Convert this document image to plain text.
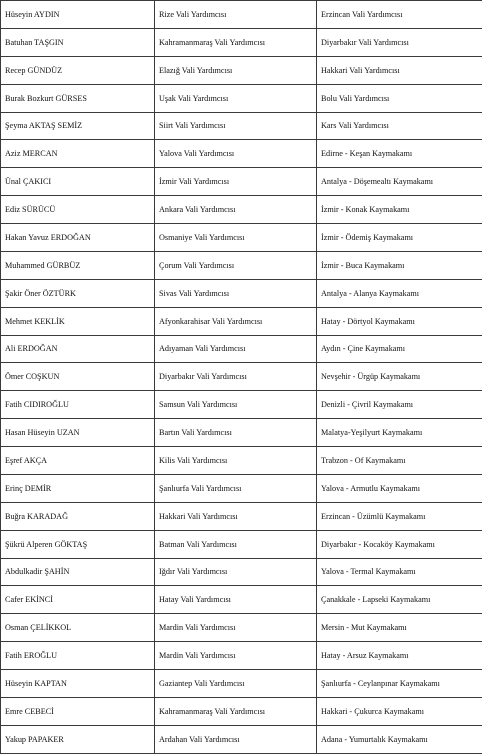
Hüseyin AYDIN	Rize Vali Yardımcısı	Erzincan Vali Yardımcısı
Batuhan TAŞGIN	Kahramanmaraş Vali Yardımcısı	Diyarbakır Vali Yardımcısı
Recep GÜNDÜZ	Elazığ Vali Yardımcısı	Hakkari Vali Yardımcısı
Burak Bozkurt GÜRSES	Uşak Vali Yardımcısı	Bolu Vali Yardımcısı
Şeyma AKTAŞ SEMİZ	Siirt Vali Yardımcısı	Kars Vali Yardımcısı
Aziz MERCAN	Yalova Vali Yardımcısı	Edirne - Keşan Kaymakamı
Ünal ÇAKICI	İzmir Vali Yardımcısı	Antalya - Döşemealtı Kaymakamı
Ediz SÜRÜCÜ	Ankara Vali Yardımcısı	İzmir - Konak Kaymakamı
Hakan Yavuz ERDOĞAN	Osmaniye Vali Yardımcısı	İzmir - Ödemiş Kaymakamı
Muhammed GÜRBÜZ	Çorum Vali Yardımcısı	İzmir - Buca Kaymakamı
Şakir Öner ÖZTÜRK	Sivas Vali Yardımcısı	Antalya - Alanya Kaymakamı
Mehmet KEKLİK	Afyonkarahisar Vali Yardımcısı	Hatay - Dörtyol Kaymakamı
Ali ERDOĞAN	Adıyaman Vali Yardımcısı	Aydın - Çine Kaymakamı
Ömer COŞKUN	Diyarbakır Vali Yardımcısı	Nevşehir - Ürgüp Kaymakamı
Fatih CIDIROĞLU	Samsun Vali Yardımcısı	Denizli - Çivril Kaymakamı
Hasan Hüseyin UZAN	Bartın Vali Yardımcısı	Malatya-Yeşilyurt Kaymakamı
Eşref AKÇA	Kilis Vali Yardımcısı	Trabzon - Of Kaymakamı
Erinç DEMİR	Şanlıurfa Vali Yardımcısı	Yalova - Armutlu Kaymakamı
Buğra KARADAĞ	Hakkari Vali Yardımcısı	Erzincan - Üzümlü Kaymakamı
Şükrü Alperen GÖKTAŞ	Batman Vali Yardımcısı	Diyarbakır - Kocaköy Kaymakamı
Abdulkadir ŞAHİN	Iğdır Vali Yardımcısı	Yalova - Termal Kaymakamı
Cafer EKİNCİ	Hatay Vali Yardımcısı	Çanakkale - Lapseki Kaymakamı
Osman ÇELİKKOL	Mardin Vali Yardımcısı	Mersin - Mut Kaymakamı
Fatih EROĞLU	Mardin Vali Yardımcısı	Hatay - Arsuz Kaymakamı
Hüseyin KAPTAN	Gaziantep Vali Yardımcısı	Şanlıurfa - Ceylanpınar Kaymakamı
Emre CEBECİ	Kahramanmaraş Vali Yardımcısı	Hakkari - Çukurca Kaymakamı
Yakup PAPAKER	Ardahan Vali Yardımcısı	Adana - Yumurtalık Kaymakamı
